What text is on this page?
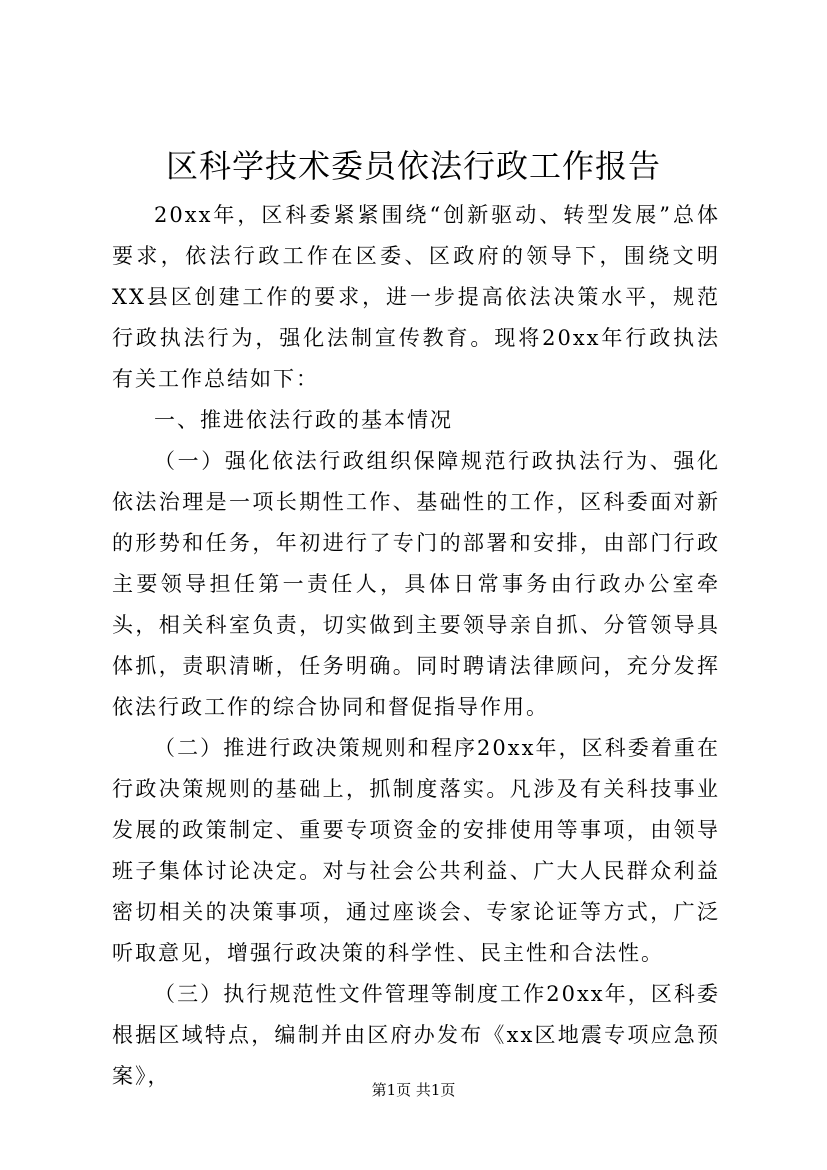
区科学技术委员依法行政工作报告

20xx年，区科委紧紧围绕“创新驱动、转型发展”总体要求，依法行政工作在区委、区政府的领导下，围绕文明XX县区创建工作的要求，进一步提高依法决策水平，规范行政执法行为，强化法制宣传教育。现将20xx年行政执法有关工作总结如下：

一、推进依法行政的基本情况

（一）强化依法行政组织保障规范行政执法行为、强化依法治理是一项长期性工作、基础性的工作，区科委面对新的形势和任务，年初进行了专门的部署和安排，由部门行政主要领导担任第一责任人，具体日常事务由行政办公室牵头，相关科室负责，切实做到主要领导亲自抓、分管领导具体抓，责职清晰，任务明确。同时聘请法律顾问，充分发挥依法行政工作的综合协同和督促指导作用。

（二）推进行政决策规则和程序20xx年，区科委着重在行政决策规则的基础上，抓制度落实。凡涉及有关科技事业发展的政策制定、重要专项资金的安排使用等事项，由领导班子集体讨论决定。对与社会公共利益、广大人民群众利益密切相关的决策事项，通过座谈会、专家论证等方式，广泛听取意见，增强行政决策的科学性、民主性和合法性。

（三）执行规范性文件管理等制度工作20xx年，区科委根据区域特点，编制并由区府办发布《xx区地震专项应急预案》，

第1页 共1页
